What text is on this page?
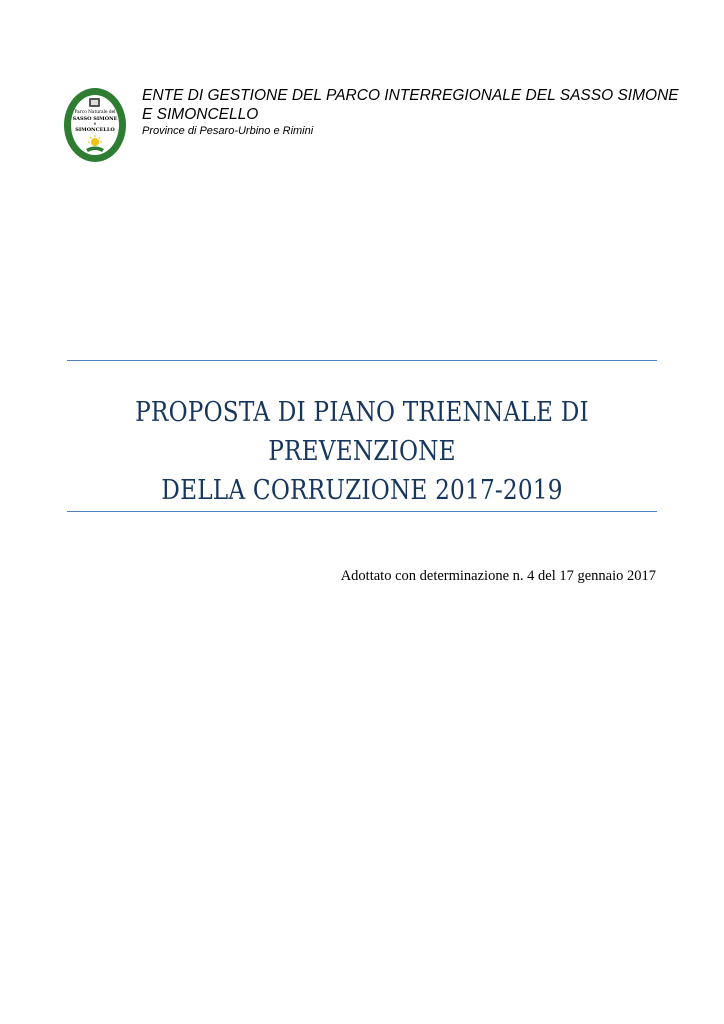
Parco Naturale del
SASSO SIMONE
e
SIMONCELLO

ENTE DI GESTIONE DEL PARCO INTERREGIONALE DEL SASSO SIMONE E SIMONCELLO

Province di Pesaro-Urbino e Rimini

PROPOSTA DI PIANO TRIENNALE DI
PREVENZIONE
DELLA CORRUZIONE 2017-2019
Adottato con determinazione n. 4 del 17 gennaio 2017
